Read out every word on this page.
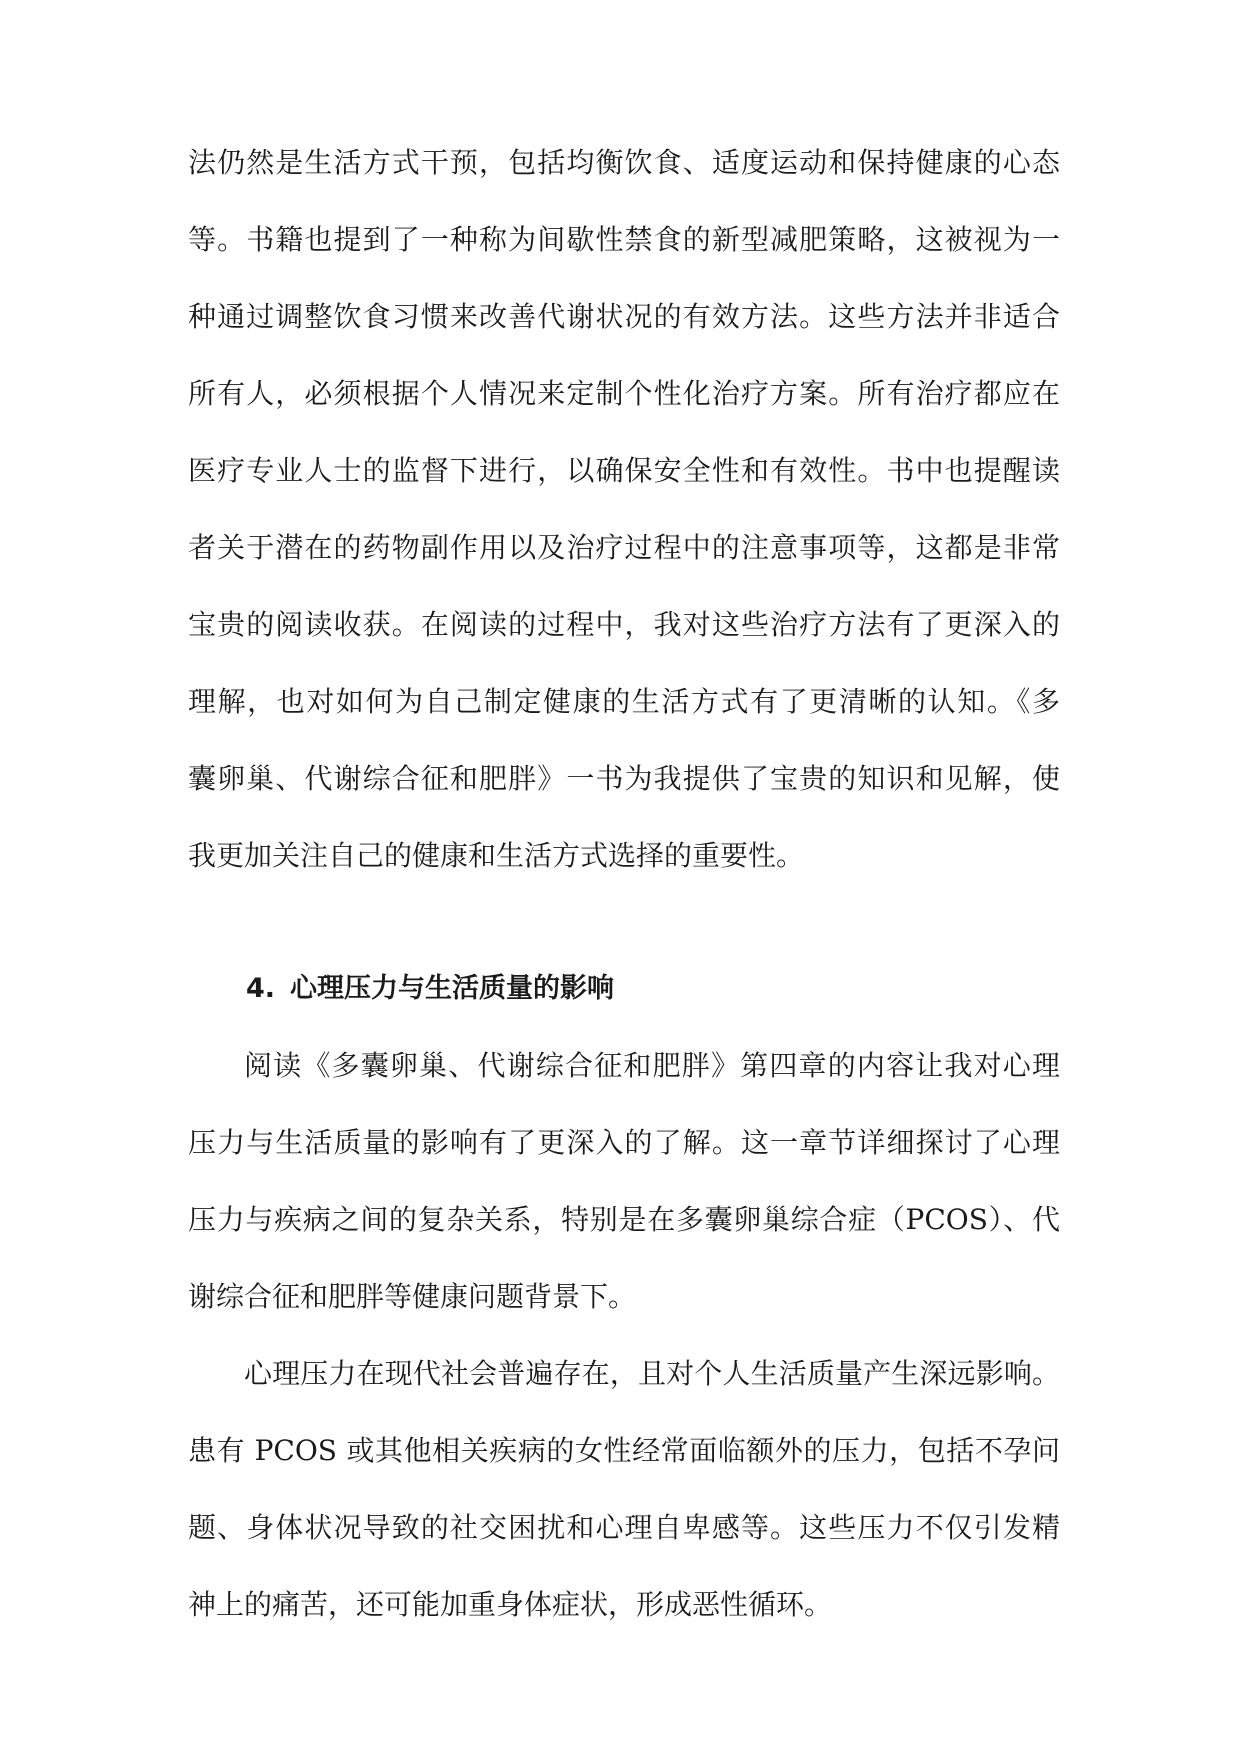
法仍然是生活方式干预，包括均衡饮食、适度运动和保持健康的心态
等。书籍也提到了一种称为间歇性禁食的新型减肥策略，这被视为一
种通过调整饮食习惯来改善代谢状况的有效方法。这些方法并非适合
所有人，必须根据个人情况来定制个性化治疗方案。所有治疗都应在
医疗专业人士的监督下进行，以确保安全性和有效性。书中也提醒读
者关于潜在的药物副作用以及治疗过程中的注意事项等，这都是非常
宝贵的阅读收获。在阅读的过程中，我对这些治疗方法有了更深入的
理解，也对如何为自己制定健康的生活方式有了更清晰的认知。《多
囊卵巢、代谢综合征和肥胖》一书为我提供了宝贵的知识和见解，使
我更加关注自己的健康和生活方式选择的重要性。
4. 心理压力与生活质量的影响
阅读《多囊卵巢、代谢综合征和肥胖》第四章的内容让我对心理
压力与生活质量的影响有了更深入的了解。这一章节详细探讨了心理
压力与疾病之间的复杂关系，特别是在多囊卵巢综合症（PCOS）、代
谢综合征和肥胖等健康问题背景下。
心理压力在现代社会普遍存在，且对个人生活质量产生深远影响。
患有 PCOS 或其他相关疾病的女性经常面临额外的压力，包括不孕问
题、身体状况导致的社交困扰和心理自卑感等。这些压力不仅引发精
神上的痛苦，还可能加重身体症状，形成恶性循环。
